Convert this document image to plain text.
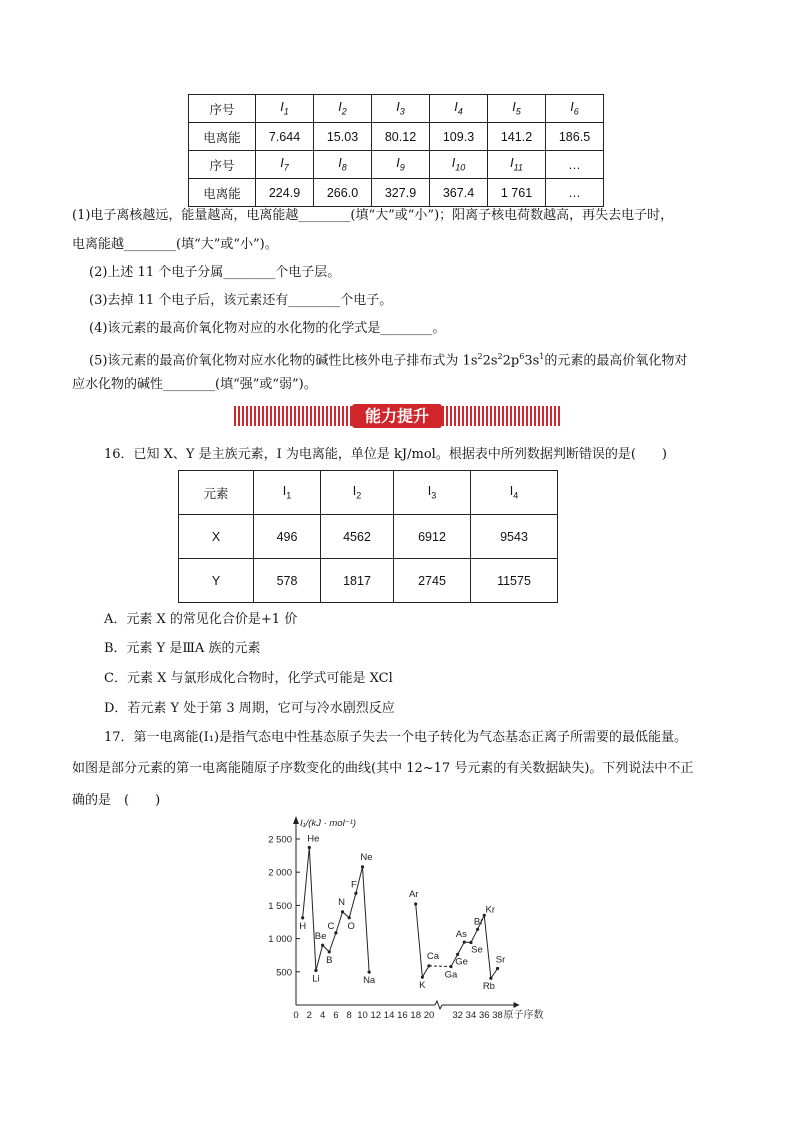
序号	$I_1$	$I_2$	$I_3$	$I_4$	$I_5$	$I_6$
电离能	7.644	15.03	80.12	109.3	141.2	186.5
序号	$I_7$	$I_8$	$I_9$	$I_{10}$	$I_{11}$	…
电离能	224.9	266.0	327.9	367.4	1 761	…
(1)电子离核越远，能量越高，电离能越________(填“大”或“小”)；阳离子核电荷数越高，再失去电子时，
电离能越________(填“大”或“小”)。
(2)上述 11 个电子分属________个电子层。
(3)去掉 11 个电子后，该元素还有________个电子。
(4)该元素的最高价氧化物对应的水化物的化学式是________。
(5)该元素的最高价氧化物对应水化物的碱性比核外电子排布式为 $1s^22s^22p^63s^1$的元素的最高价氧化物对
应水化物的碱性________(填“强”或“弱”)。
能力提升
16．已知 X、Y 是主族元素，I 为电离能，单位是 kJ/mol。根据表中所列数据判断错误的是(　　)
元素	$I_1$	$I_2$	$I_3$	$I_4$
X	496	4562	6912	9543
Y	578	1817	2745	11575
A．元素 X 的常见化合价是+1 价
B．元素 Y 是ⅢA 族的元素
C．元素 X 与氯形成化合物时，化学式可能是 XCl
D．若元素 Y 处于第 3 周期，它可与冷水剧烈反应
17．第一电离能(I₁)是指气态电中性基态原子失去一个电子转化为气态基态正离子所需要的最低能量。
如图是部分元素的第一电离能随原子序数变化的曲线(其中 12~17 号元素的有关数据缺失)。下列说法中不正
确的是　(　　)
500
1 000
1 500
2 000
2 500
0 2 4 6 8 10 12 14 16 18 20 32 34 36 38
I₁/(kJ · mol⁻¹)
原子序数
H
He
Li
Be
B
C
N
O
F
Ne
Na
Ar
K
Ca
Ga
Ge
As
Se
Br
Kr
Rb
Sr
